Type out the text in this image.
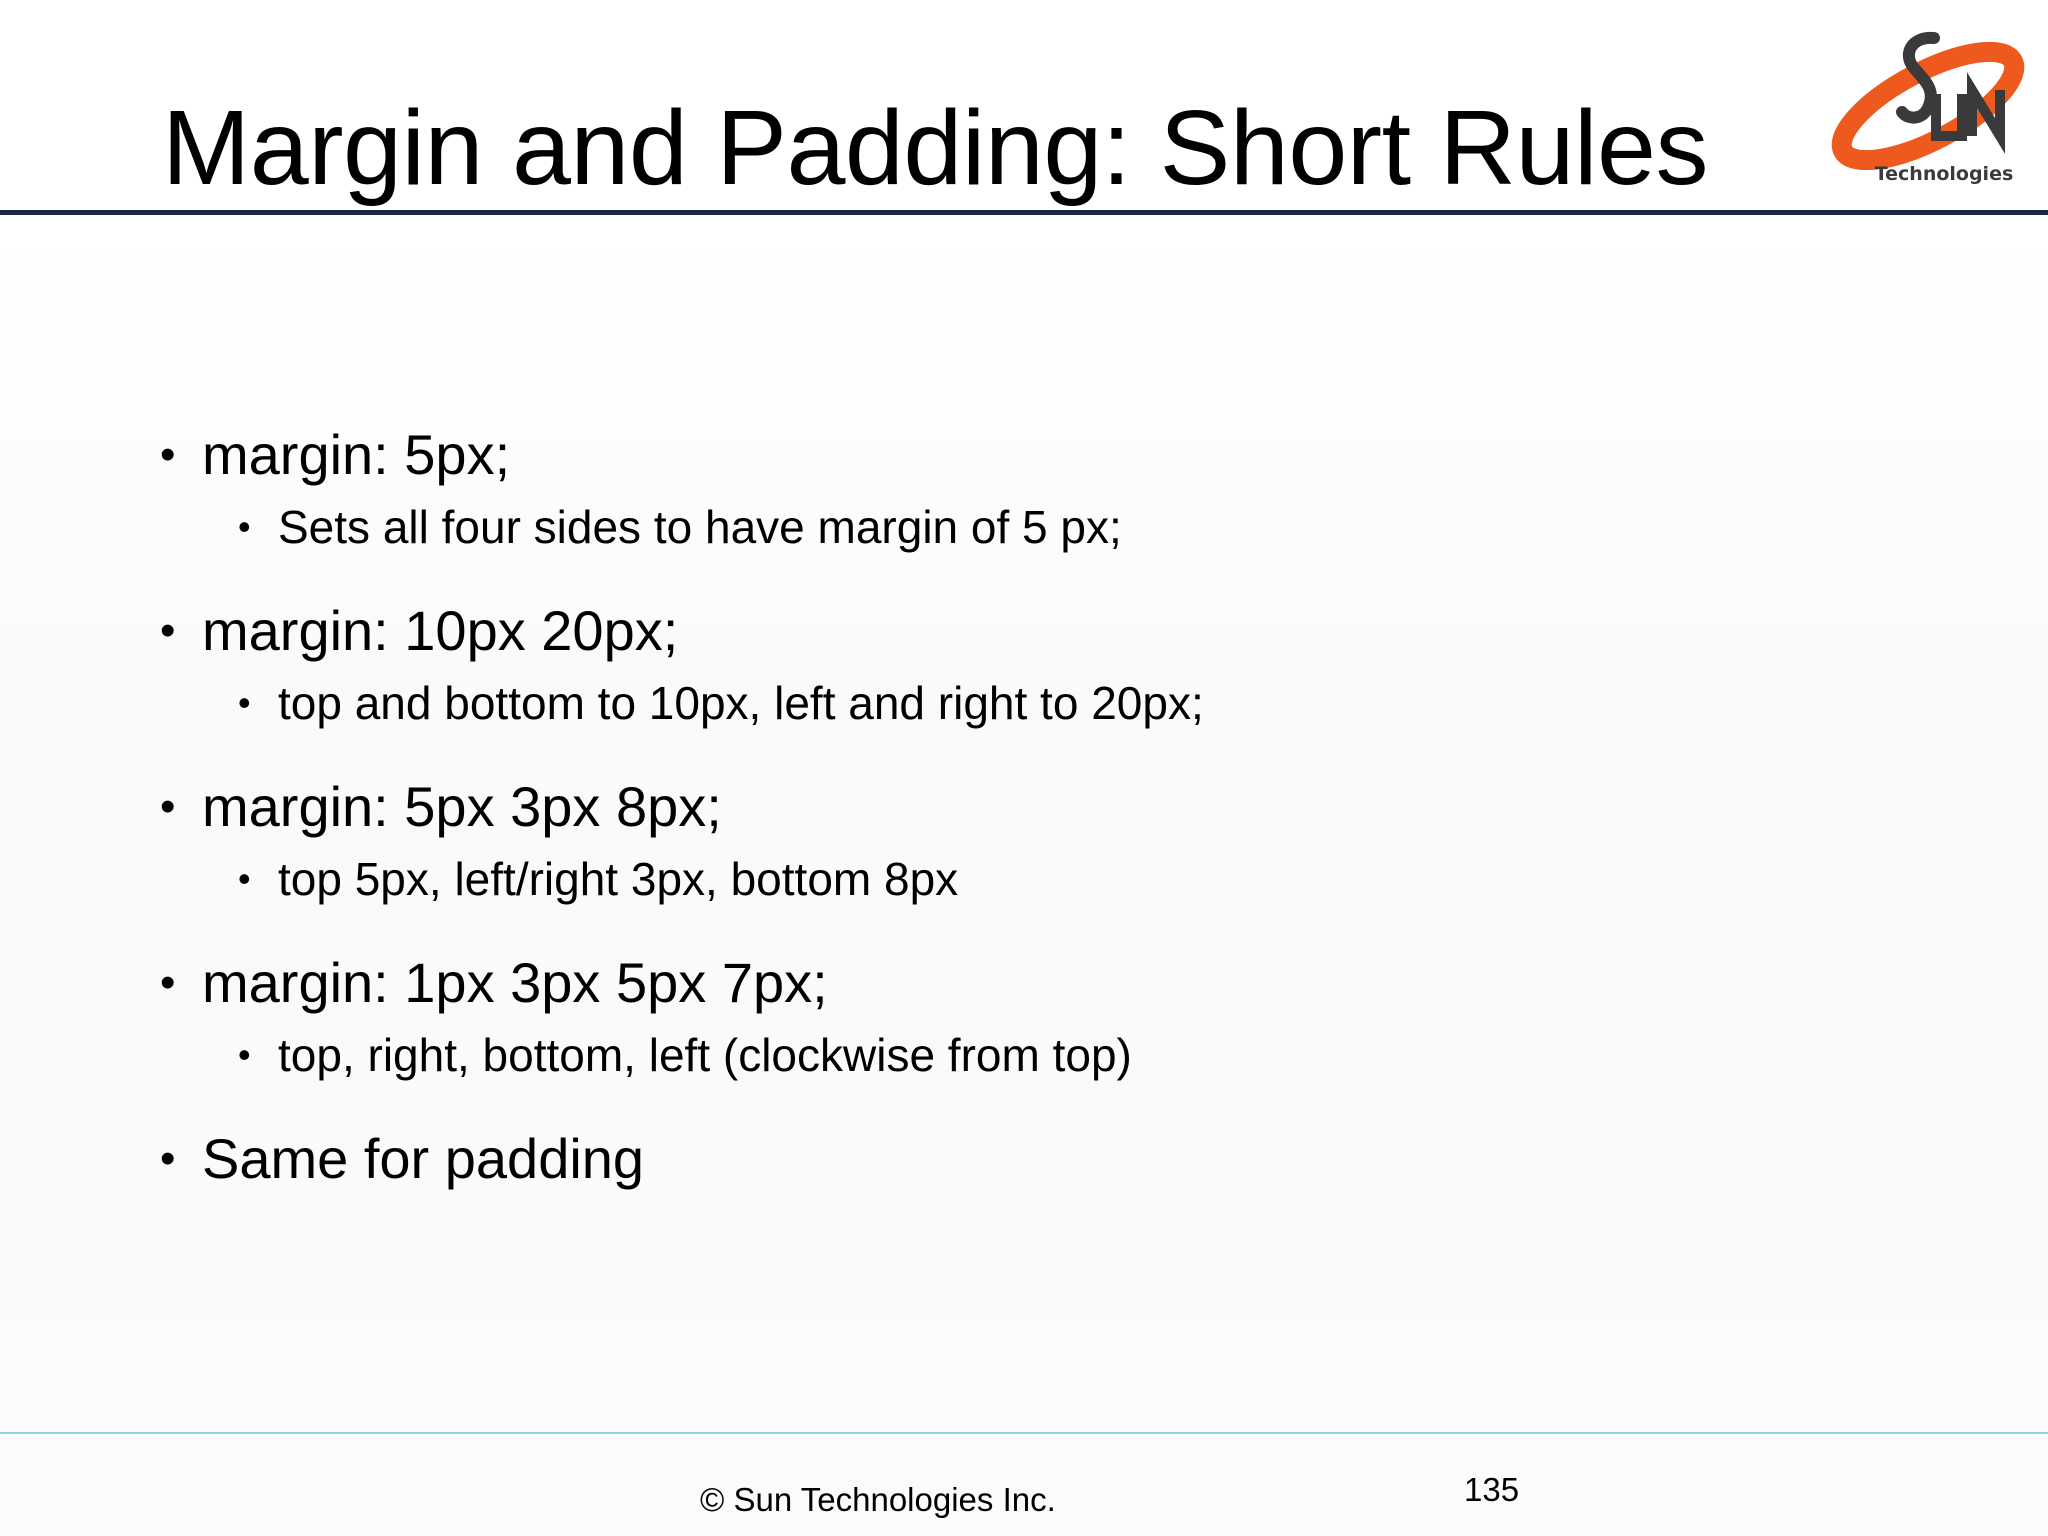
Margin and Padding: Short Rules	Technologies
• margin: 5px;
• Sets all four sides to have margin of 5 px;
• margin: 10px 20px;
• top and bottom to 10px, left and right to 20px;
• margin: 5px 3px 8px;
• top 5px, left/right 3px, bottom 8px
• margin: 1px 3px 5px 7px;
• top, right, bottom, left (clockwise from top)
• Same for padding
© Sun Technologies Inc.	135
